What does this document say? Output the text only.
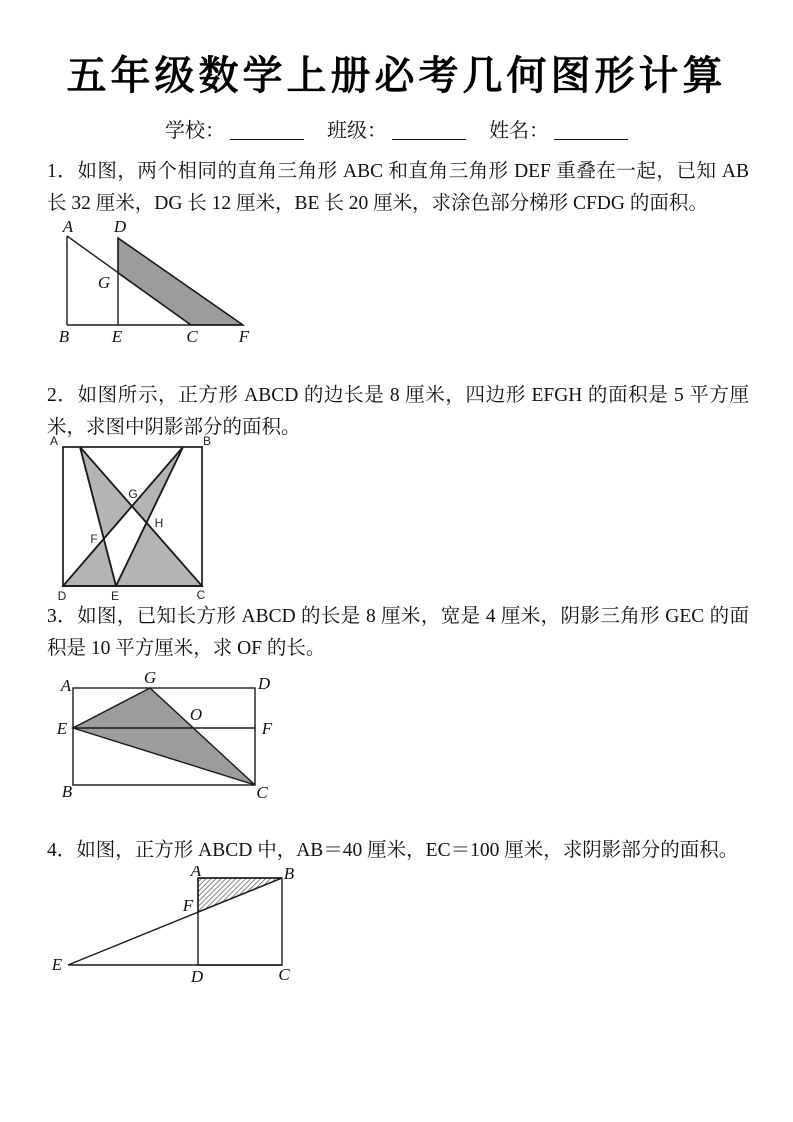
五年级数学上册必考几何图形计算
学校：	班级：	姓名：
1．如图，两个相同的直角三角形 ABC 和直角三角形 DEF 重叠在一起，已知 AB 长 32 厘米，DG 长 12 厘米，BE 长 20 厘米，求涂色部分梯形 CFDG 的面积。
A D
G
B	E	C F
2．如图所示，正方形 ABCD 的边长是 8 厘米，四边形 EFGH 的面积是 5 平方厘米，求图中阴影部分的面积。
A	B
D	E	C
G
H
F
3．如图，已知长方形 ABCD 的长是 8 厘米，宽是 4 厘米，阴影三角形 GEC 的面积是 10 平方厘米，求 OF 的长。
A	D
G
E	F
O
B	C
4．如图，正方形 ABCD 中，AB＝40 厘米，EC＝100 厘米，求阴影部分的面积。
A	B
F
E
D	C
